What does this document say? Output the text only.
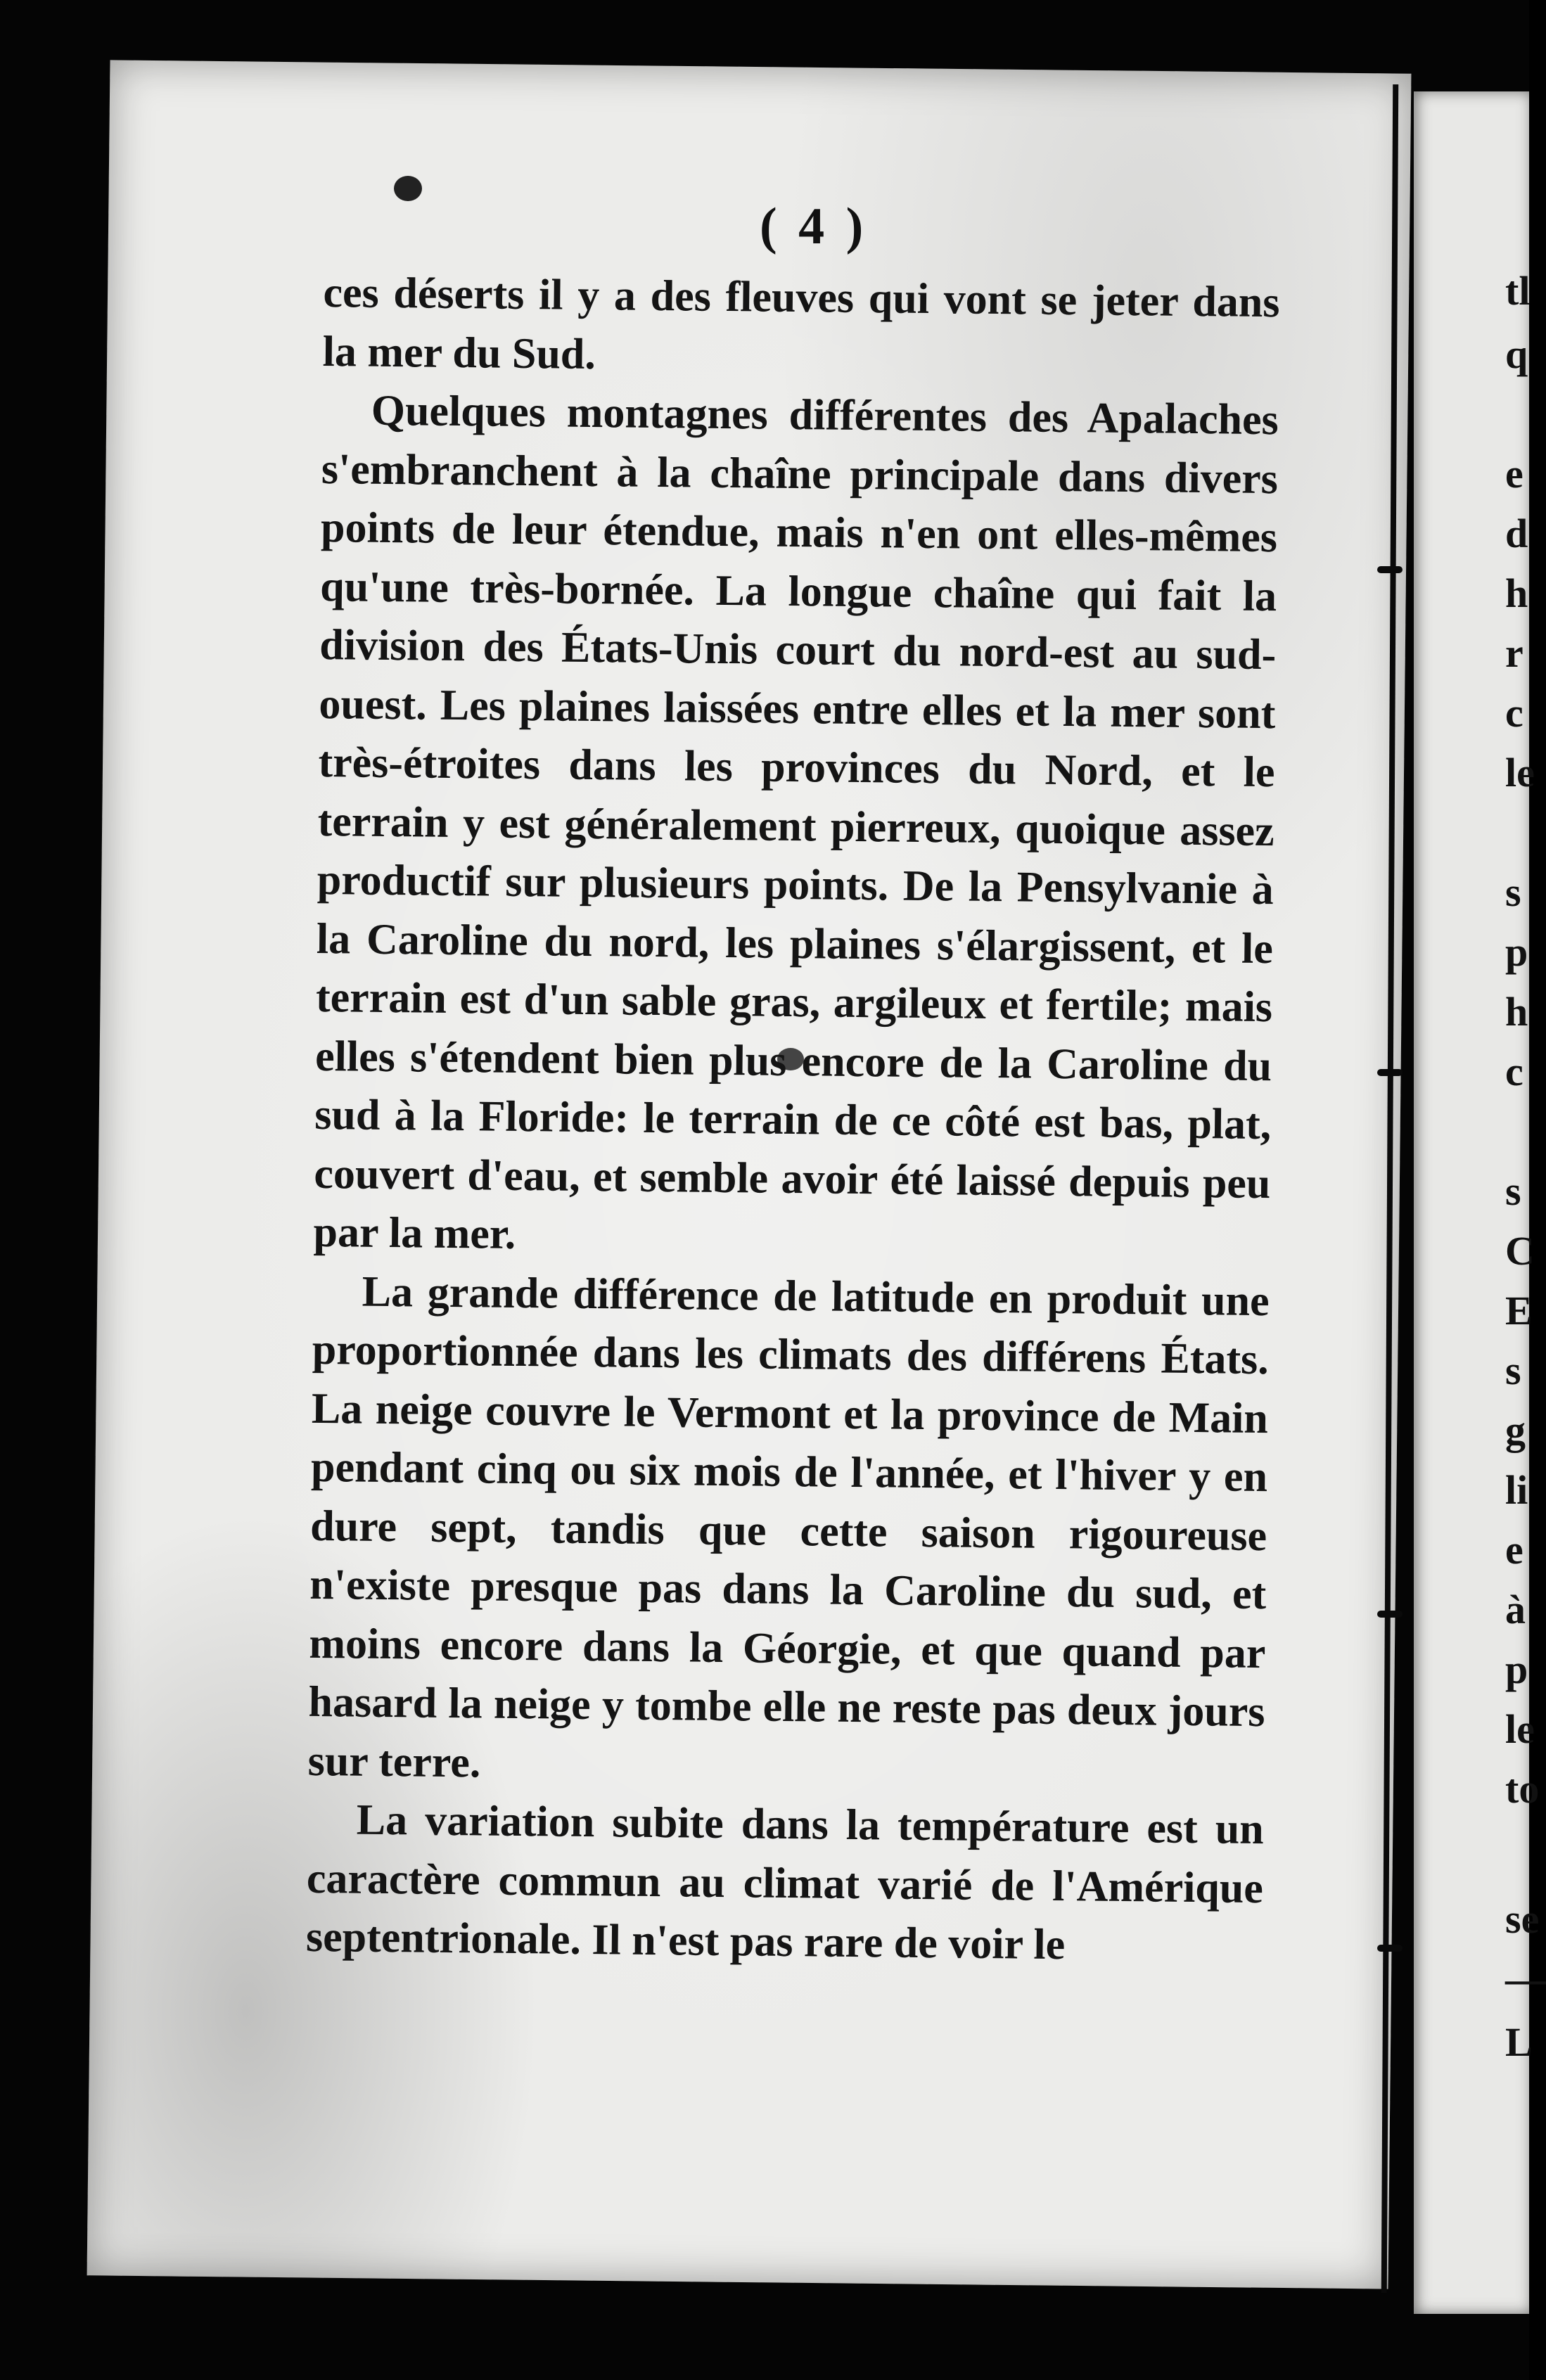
( 4 )

ces déserts il y a des fleuves qui vont se jeter dans la mer du Sud.

Quelques montagnes différentes des Apalaches s'embranchent à la chaîne principale dans divers points de leur étendue, mais n'en ont elles-mêmes qu'une très-bornée. La longue chaîne qui fait la division des États-Unis court du nord-est au sud-ouest. Les plaines laissées entre elles et la mer sont très-étroites dans les provinces du Nord, et le terrain y est généralement pierreux, quoique assez productif sur plusieurs points. De la Pensylvanie à la Caroline du nord, les plaines s'élargissent, et le terrain est d'un sable gras, argileux et fertile; mais elles s'étendent bien plus encore de la Caroline du sud à la Floride: le terrain de ce côté est bas, plat, couvert d'eau, et semble avoir été laissé depuis peu par la mer.

La grande différence de latitude en produit une proportionnée dans les climats des différens États. La neige couvre le Vermont et la province de Main pendant cinq ou six mois de l'année, et l'hiver y en dure sept, tandis que cette saison rigoureuse n'existe presque pas dans la Caroline du sud, et moins encore dans la Géorgie, et que quand par hasard la neige y tombe elle ne reste pas deux jours sur terre.

La variation subite dans la température est un caractère commun au climat varié de l'Amérique septentrionale. Il n'est pas rare de voir le

tl
q
e
d
h
r
c
le
s
p
h
c
s
C
E
s
g
li
e
à
p
le
to
se
—
L
